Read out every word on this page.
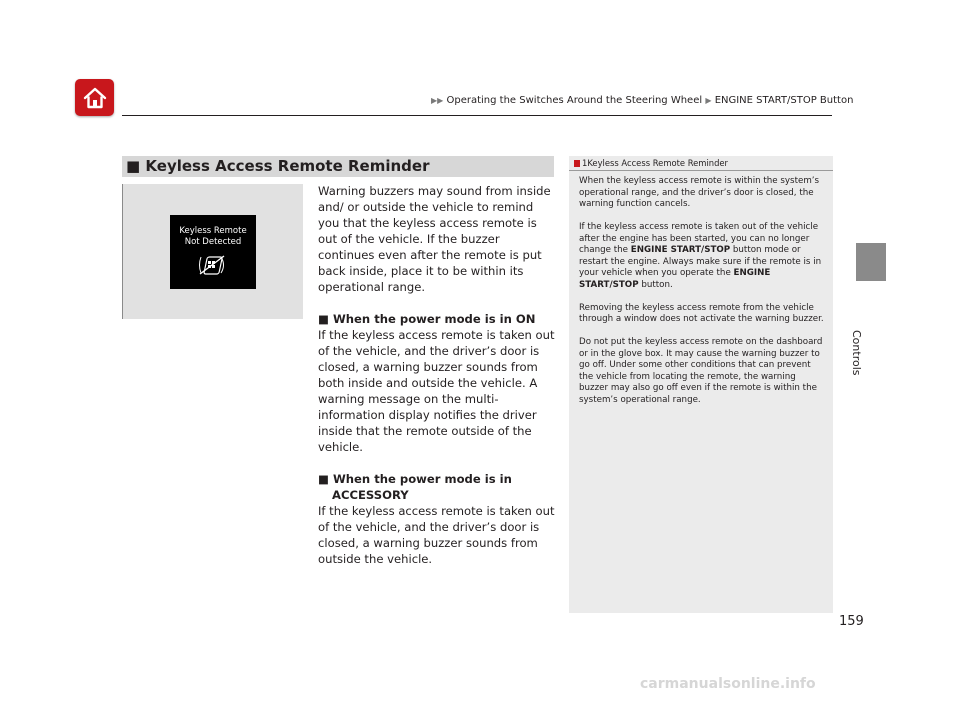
▶▶ Operating the Switches Around the Steering Wheel ▶ ENGINE START/STOP Button
Controls
■ Keyless Access Remote Reminder
Keyless Remote
Not Detected

Warning buzzers may sound from inside and/ or outside the vehicle to remind you that the keyless access remote is out of the vehicle. If the buzzer continues even after the remote is put back inside, place it to be within its operational range.

■ When the power mode is in ON

If the keyless access remote is taken out of the vehicle, and the driver’s door is closed, a warning buzzer sounds from both inside and outside the vehicle. A warning message on the multi-information display notifies the driver inside that the remote outside of the vehicle.

■ When the power mode is in ACCESSORY

If the keyless access remote is taken out of the vehicle, and the driver’s door is closed, a warning buzzer sounds from outside the vehicle.

1Keyless Access Remote Reminder

When the keyless access remote is within the system’s operational range, and the driver’s door is closed, the warning function cancels.

If the keyless access remote is taken out of the vehicle after the engine has been started, you can no longer change the ENGINE START/STOP button mode or restart the engine. Always make sure if the remote is in your vehicle when you operate the ENGINE START/STOP button.

Removing the keyless access remote from the vehicle through a window does not activate the warning buzzer.

Do not put the keyless access remote on the dashboard or in the glove box. It may cause the warning buzzer to go off. Under some other conditions that can prevent the vehicle from locating the remote, the warning buzzer may also go off even if the remote is within the system’s operational range.

159
carmanualsonline.info
